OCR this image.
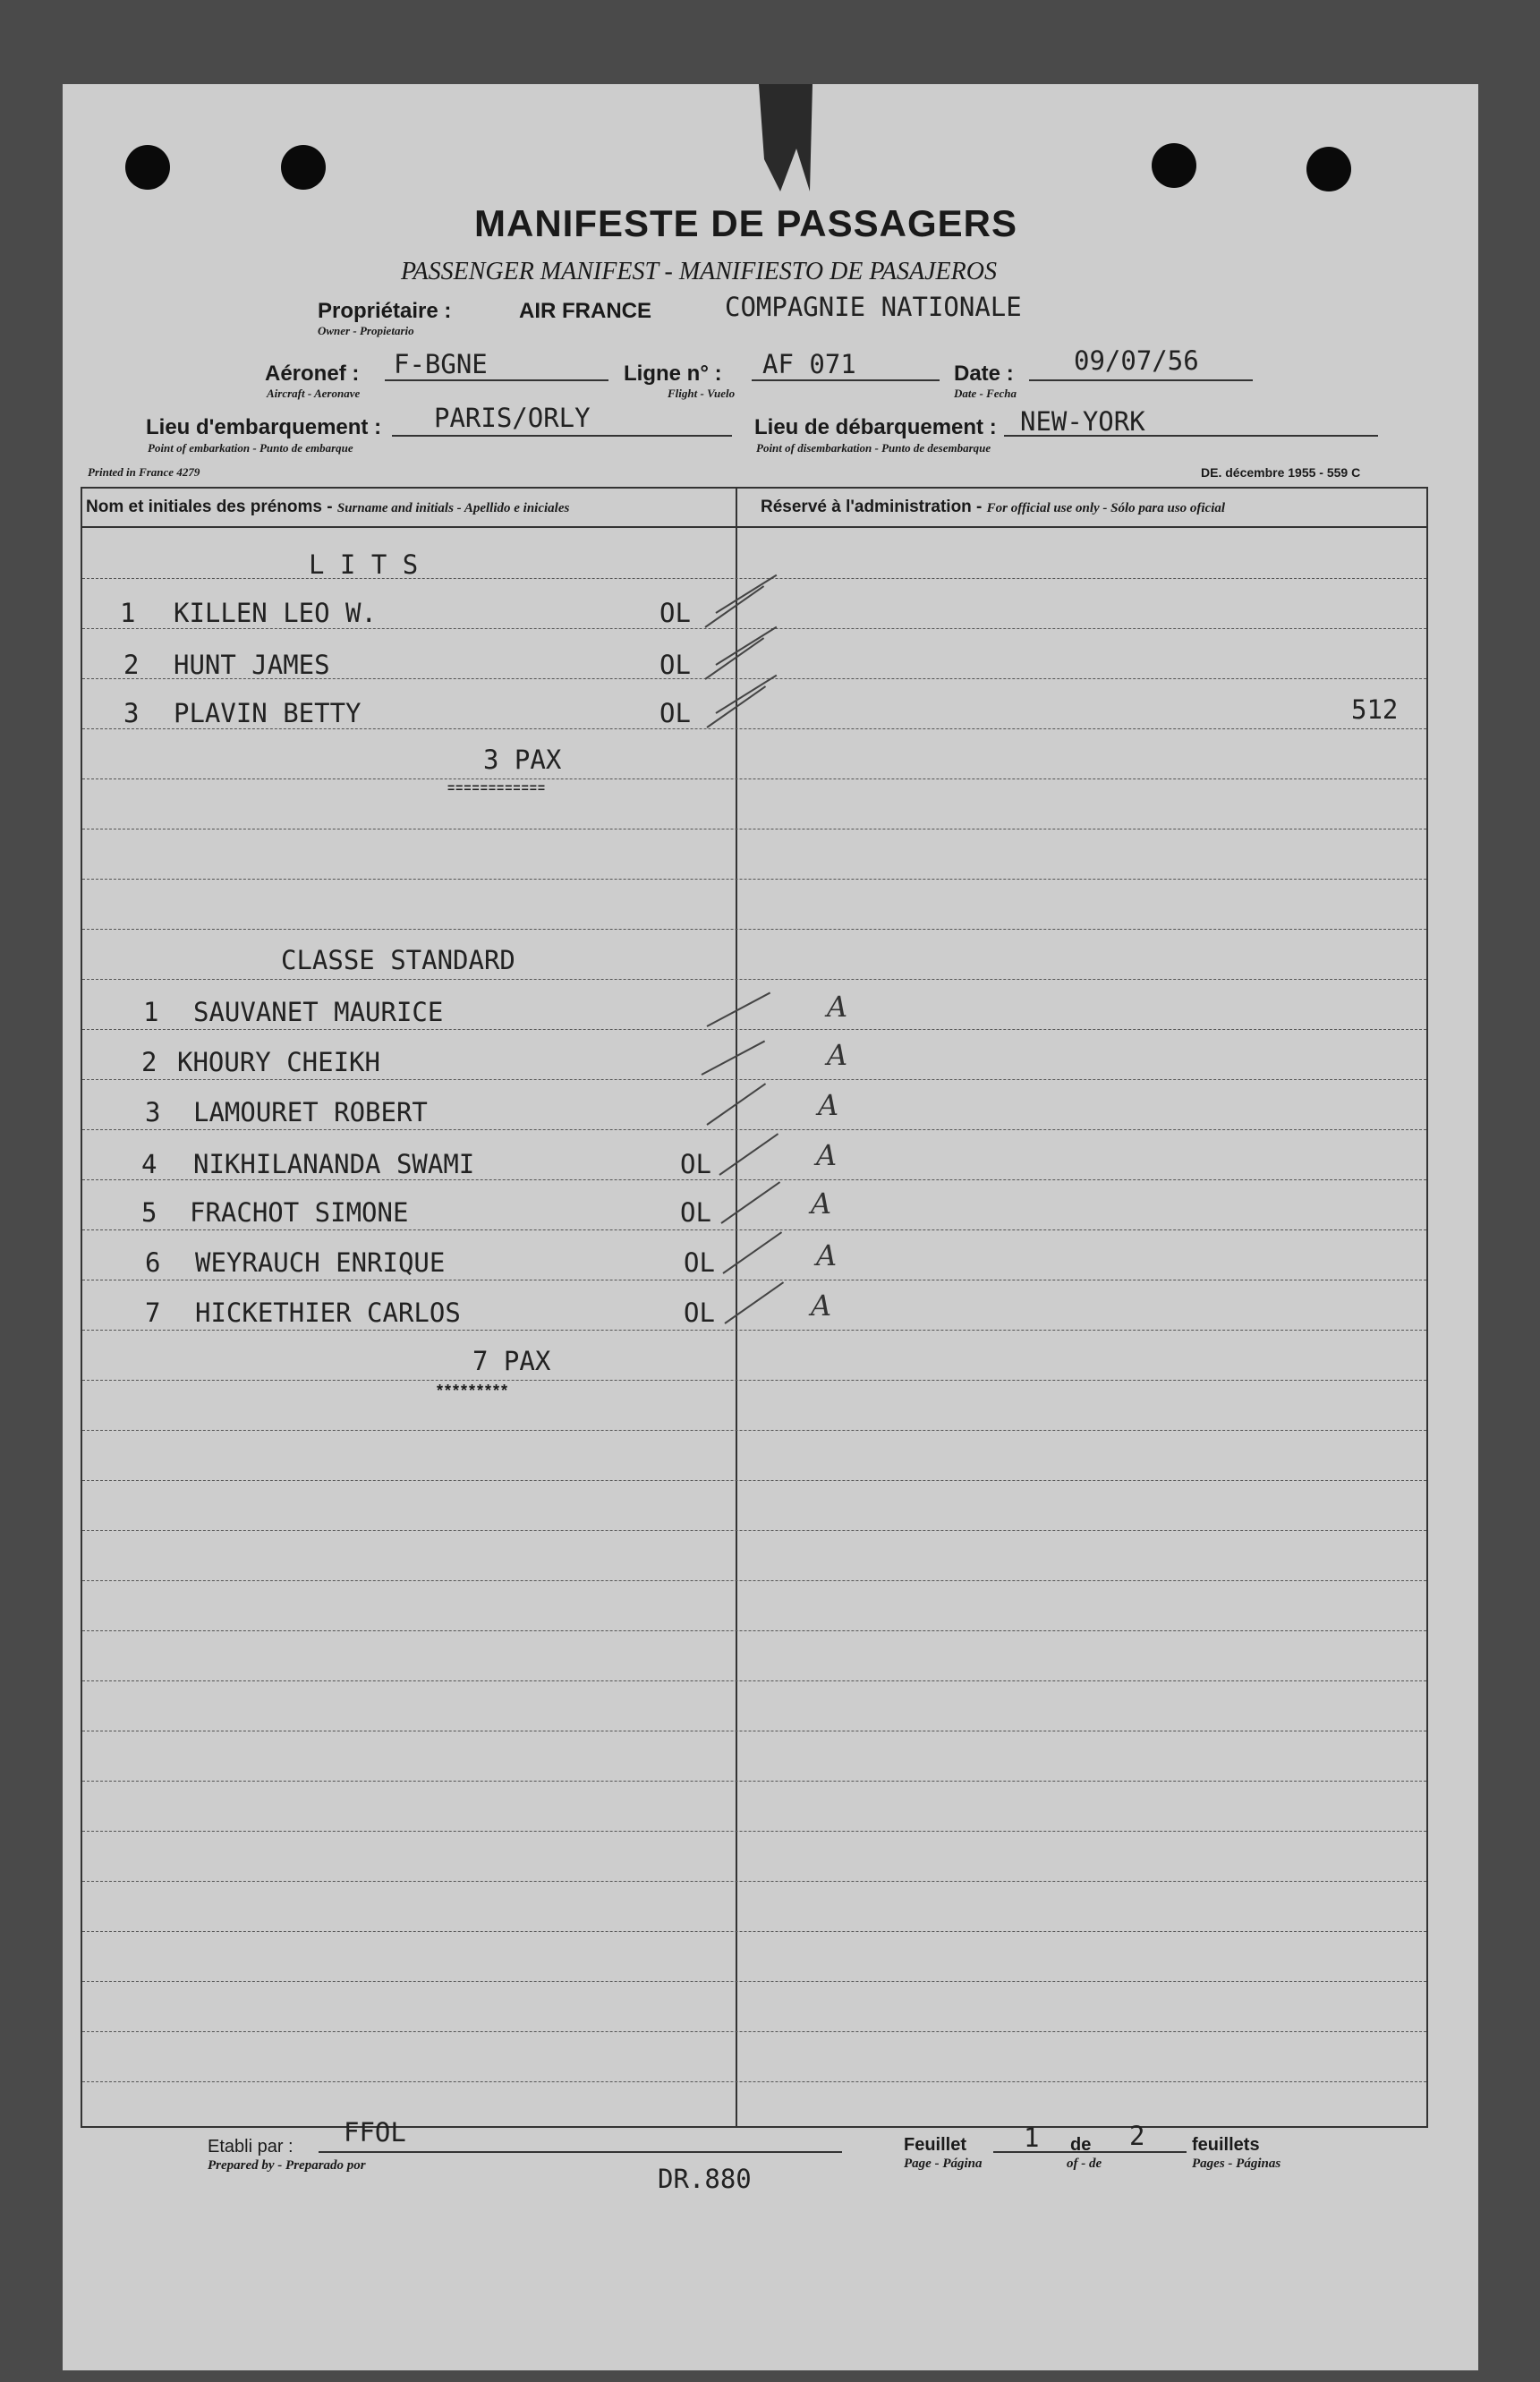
MANIFESTE DE PASSAGERS
PASSENGER MANIFEST - MANIFIESTO DE PASAJEROS
Propriétaire :
Owner - Propietario
AIR FRANCE	COMPAGNIE NATIONALE
Aéronef :
Aircraft - Aeronave
F-BGNE	Ligne n° :
Flight - Vuelo
AF 071	Date :
Date - Fecha
09/07/56
Lieu d'embarquement :
Point of embarkation - Punto de embarque
PARIS/ORLY	Lieu de débarquement :
Point of disembarkation - Punto de desembarque
NEW-YORK
Printed in France 4279	DE. décembre 1955 - 559 C
Nom et initiales des prénoms - Surname and initials - Apellido e iniciales	Réservé à l'administration - For official use only - Sólo para uso oficial
L I T S
1 KILLEN LEO W.	OL
2 HUNT JAMES	OL
3 PLAVIN BETTY	OL	512
3 PAX
============
CLASSE STANDARD
1 SAUVANET MAURICE	A
2 KHOURY CHEIKH	A
3 LAMOURET ROBERT	A
4 NIKHILANANDA SWAMI	OL	A
5 FRACHOT SIMONE	OL	A
6 WEYRAUCH ENRIQUE	OL	A
7 HICKETHIER CARLOS	OL	A
7 PAX
*********
Etabli par :
Prepared by - Preparado por
FFOL
DR.880
Feuillet
Page - Página
1 de
of - de
2	feuillets
Pages - Páginas
